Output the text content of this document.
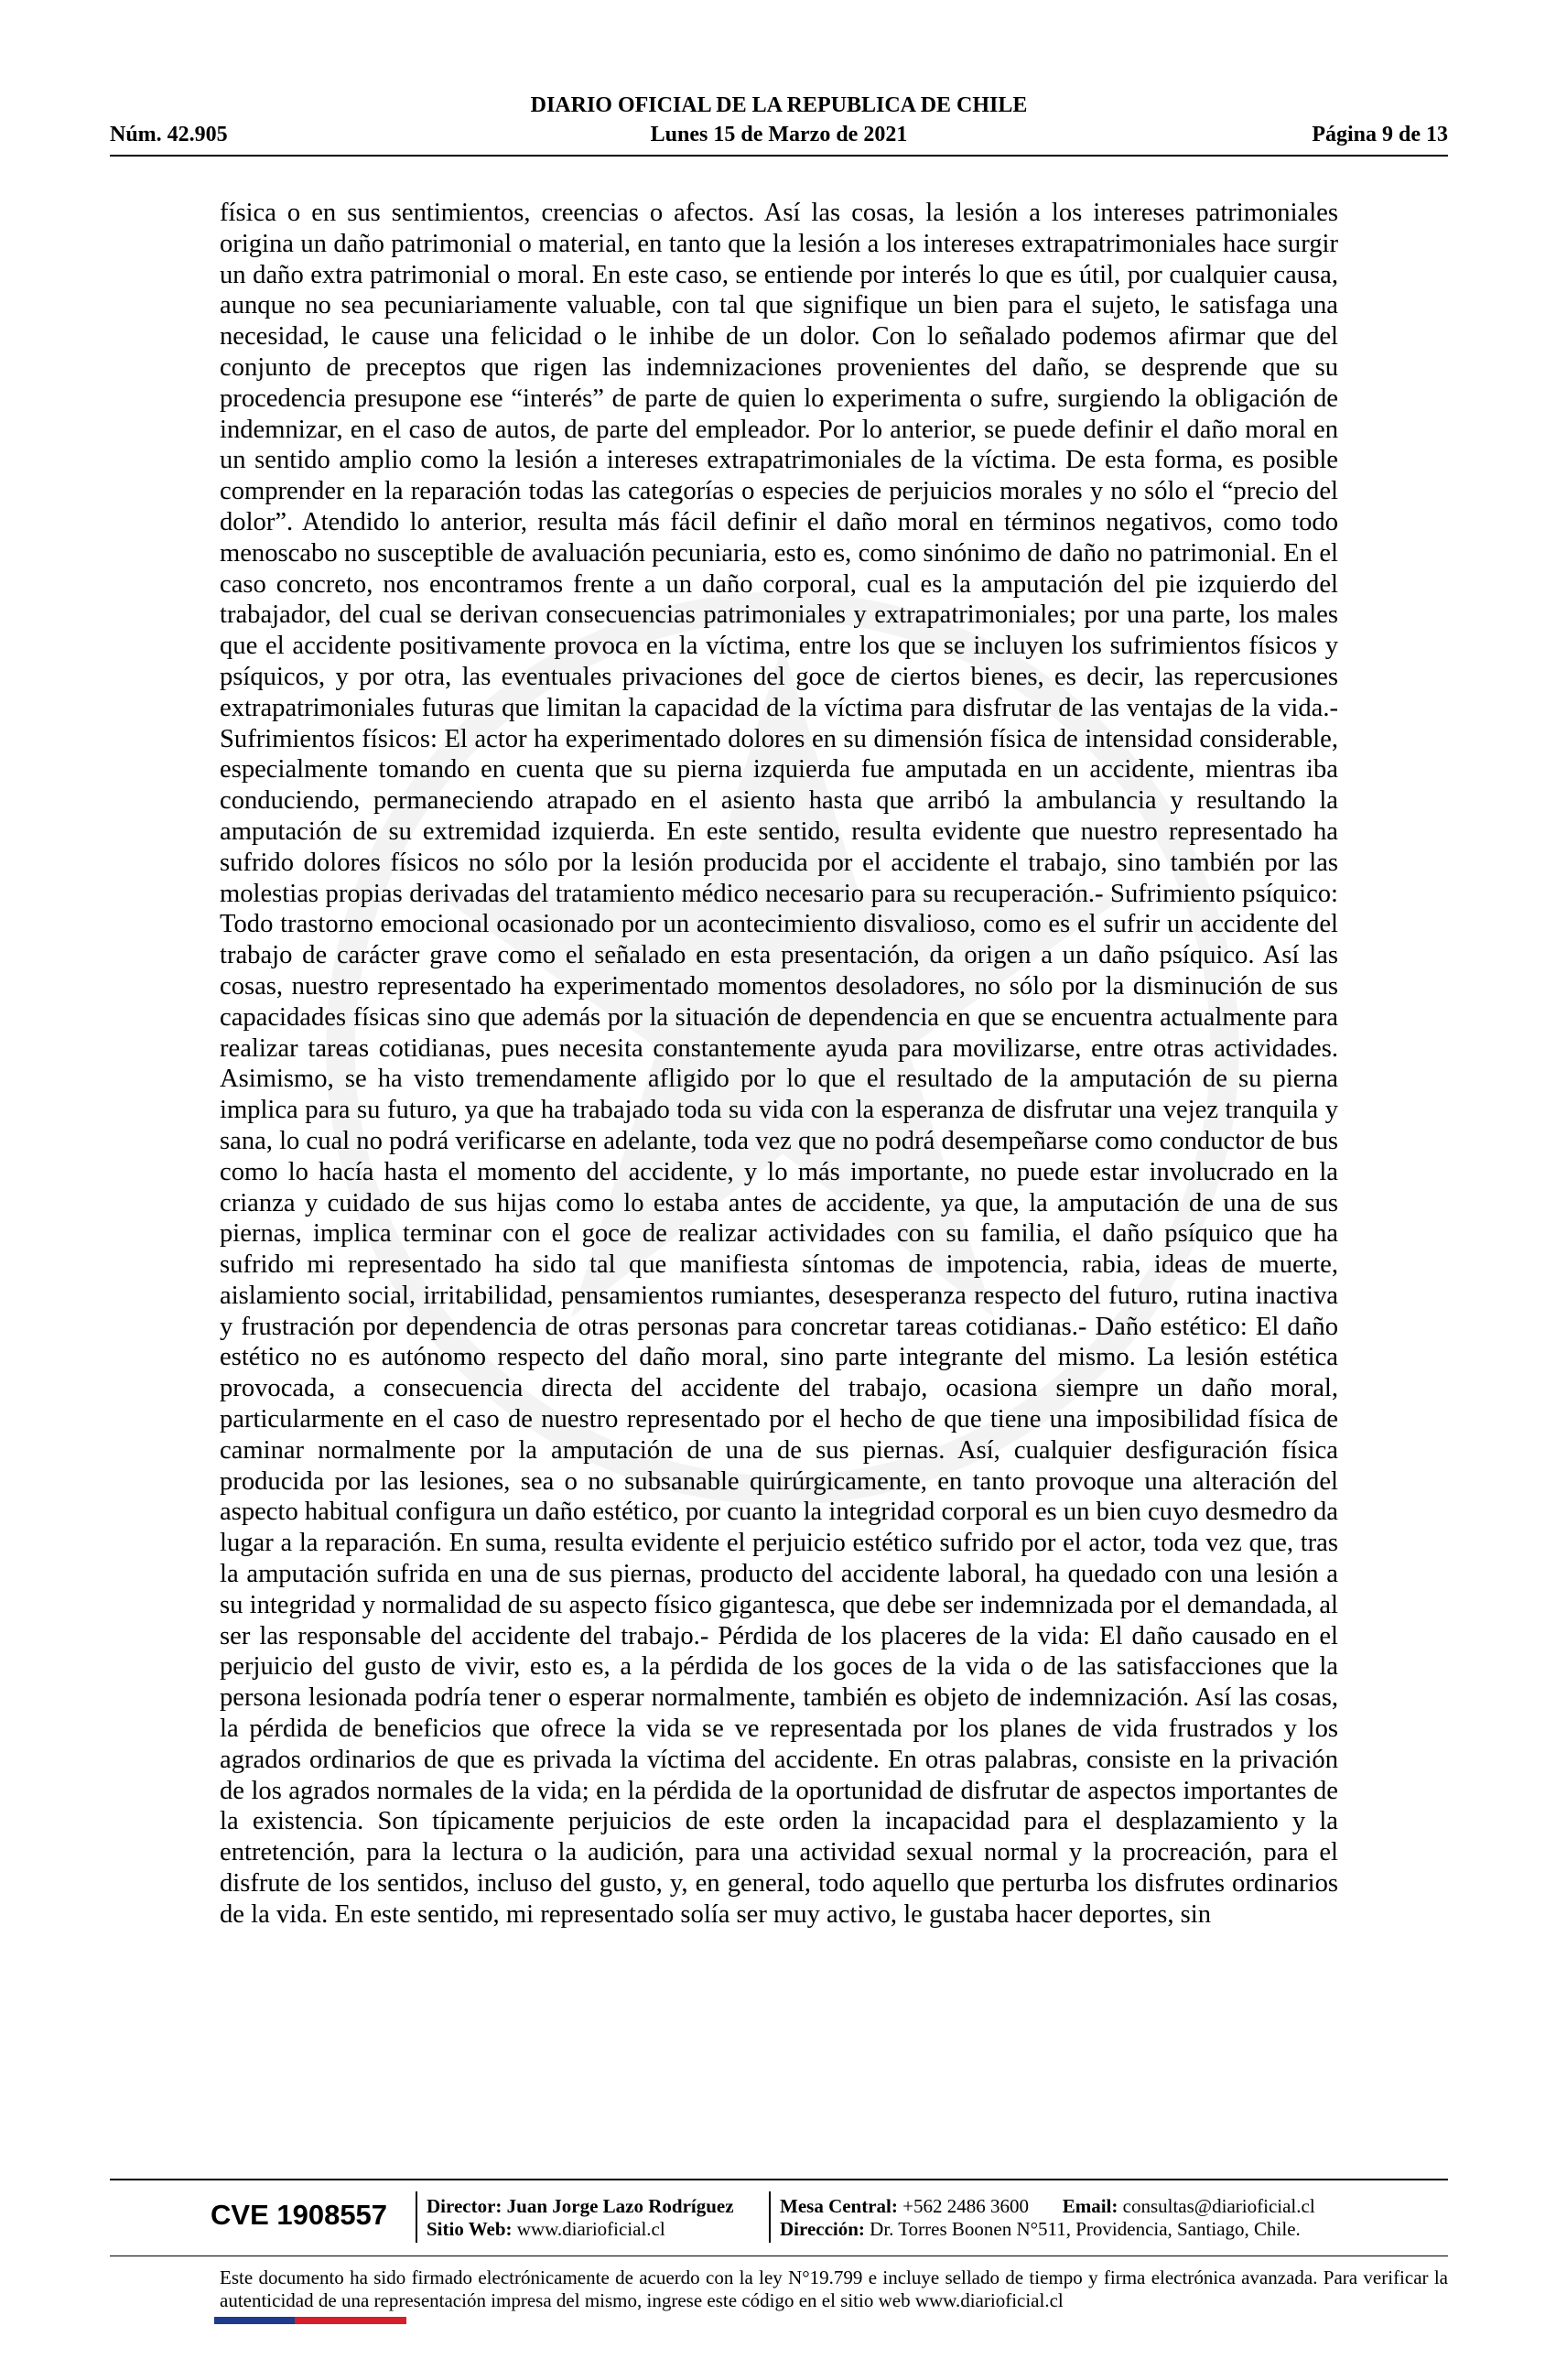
DIARIO OFICIAL DE LA REPUBLICA DE CHILE
Núm. 42.905	Lunes 15 de Marzo de 2021	Página 9 de 13

física o en sus sentimientos, creencias o afectos. Así las cosas, la lesión a los intereses patrimoniales origina un daño patrimonial o material, en tanto que la lesión a los intereses extrapatrimoniales hace surgir un daño extra patrimonial o moral. En este caso, se entiende por interés lo que es útil, por cualquier causa, aunque no sea pecuniariamente valuable, con tal que signifique un bien para el sujeto, le satisfaga una necesidad, le cause una felicidad o le inhibe de un dolor. Con lo señalado podemos afirmar que del conjunto de preceptos que rigen las indemnizaciones provenientes del daño, se desprende que su procedencia presupone ese “interés” de parte de quien lo experimenta o sufre, surgiendo la obligación de indemnizar, en el caso de autos, de parte del empleador. Por lo anterior, se puede definir el daño moral en un sentido amplio como la lesión a intereses extrapatrimoniales de la víctima. De esta forma, es posible comprender en la reparación todas las categorías o especies de perjuicios morales y no sólo el “precio del dolor”. Atendido lo anterior, resulta más fácil definir el daño moral en términos negativos, como todo menoscabo no susceptible de avaluación pecuniaria, esto es, como sinónimo de daño no patrimonial. En el caso concreto, nos encontramos frente a un daño corporal, cual es la amputación del pie izquierdo del trabajador, del cual se derivan consecuencias patrimoniales y extrapatrimoniales; por una parte, los males que el accidente positivamente provoca en la víctima, entre los que se incluyen los sufrimientos físicos y psíquicos, y por otra, las eventuales privaciones del goce de ciertos bienes, es decir, las repercusiones extrapatrimoniales futuras que limitan la capacidad de la víctima para disfrutar de las ventajas de la vida.- Sufrimientos físicos: El actor ha experimentado dolores en su dimensión física de intensidad considerable, especialmente tomando en cuenta que su pierna izquierda fue amputada en un accidente, mientras iba conduciendo, permaneciendo atrapado en el asiento hasta que arribó la ambulancia y resultando la amputación de su extremidad izquierda. En este sentido, resulta evidente que nuestro representado ha sufrido dolores físicos no sólo por la lesión producida por el accidente el trabajo, sino también por las molestias propias derivadas del tratamiento médico necesario para su recuperación.- Sufrimiento psíquico: Todo trastorno emocional ocasionado por un acontecimiento disvalioso, como es el sufrir un accidente del trabajo de carácter grave como el señalado en esta presentación, da origen a un daño psíquico. Así las cosas, nuestro representado ha experimentado momentos desoladores, no sólo por la disminución de sus capacidades físicas sino que además por la situación de dependencia en que se encuentra actualmente para realizar tareas cotidianas, pues necesita constantemente ayuda para movilizarse, entre otras actividades. Asimismo, se ha visto tremendamente afligido por lo que el resultado de la amputación de su pierna implica para su futuro, ya que ha trabajado toda su vida con la esperanza de disfrutar una vejez tranquila y sana, lo cual no podrá verificarse en adelante, toda vez que no podrá desempeñarse como conductor de bus como lo hacía hasta el momento del accidente, y lo más importante, no puede estar involucrado en la crianza y cuidado de sus hijas como lo estaba antes de accidente, ya que, la amputación de una de sus piernas, implica terminar con el goce de realizar actividades con su familia, el daño psíquico que ha sufrido mi representado ha sido tal que manifiesta síntomas de impotencia, rabia, ideas de muerte, aislamiento social, irritabilidad, pensamientos rumiantes, desesperanza respecto del futuro, rutina inactiva y frustración por dependencia de otras personas para concretar tareas cotidianas.- Daño estético: El daño estético no es autónomo respecto del daño moral, sino parte integrante del mismo. La lesión estética provocada, a consecuencia directa del accidente del trabajo, ocasiona siempre un daño moral, particularmente en el caso de nuestro representado por el hecho de que tiene una imposibilidad física de caminar normalmente por la amputación de una de sus piernas. Así, cualquier desfiguración física producida por las lesiones, sea o no subsanable quirúrgicamente, en tanto provoque una alteración del aspecto habitual configura un daño estético, por cuanto la integridad corporal es un bien cuyo desmedro da lugar a la reparación. En suma, resulta evidente el perjuicio estético sufrido por el actor, toda vez que, tras la amputación sufrida en una de sus piernas, producto del accidente laboral, ha quedado con una lesión a su integridad y normalidad de su aspecto físico gigantesca, que debe ser indemnizada por el demandada, al ser las responsable del accidente del trabajo.- Pérdida de los placeres de la vida: El daño causado en el perjuicio del gusto de vivir, esto es, a la pérdida de los goces de la vida o de las satisfacciones que la persona lesionada podría tener o esperar normalmente, también es objeto de indemnización. Así las cosas, la pérdida de beneficios que ofrece la vida se ve representada por los planes de vida frustrados y los agrados ordinarios de que es privada la víctima del accidente. En otras palabras, consiste en la privación de los agrados normales de la vida; en la pérdida de la oportunidad de disfrutar de aspectos importantes de la existencia. Son típicamente perjuicios de este orden la incapacidad para el desplazamiento y la entretención, para la lectura o la audición, para una actividad sexual normal y la procreación, para el disfrute de los sentidos, incluso del gusto, y, en general, todo aquello que perturba los disfrutes ordinarios de la vida. En este sentido, mi representado solía ser muy activo, le gustaba hacer deportes, sin

CVE 1908557 Director: Juan Jorge Lazo Rodríguez
Sitio Web: www.diarioficial.cl
Mesa Central: +562 2486 3600 Email: consultas@diarioficial.cl
Dirección: Dr. Torres Boonen N°511, Providencia, Santiago, Chile.
Este documento ha sido firmado electrónicamente de acuerdo con la ley N°19.799 e incluye sellado de tiempo y firma electrónica avanzada. Para verificar la autenticidad de una representación impresa del mismo, ingrese este código en el sitio web www.diarioficial.cl
